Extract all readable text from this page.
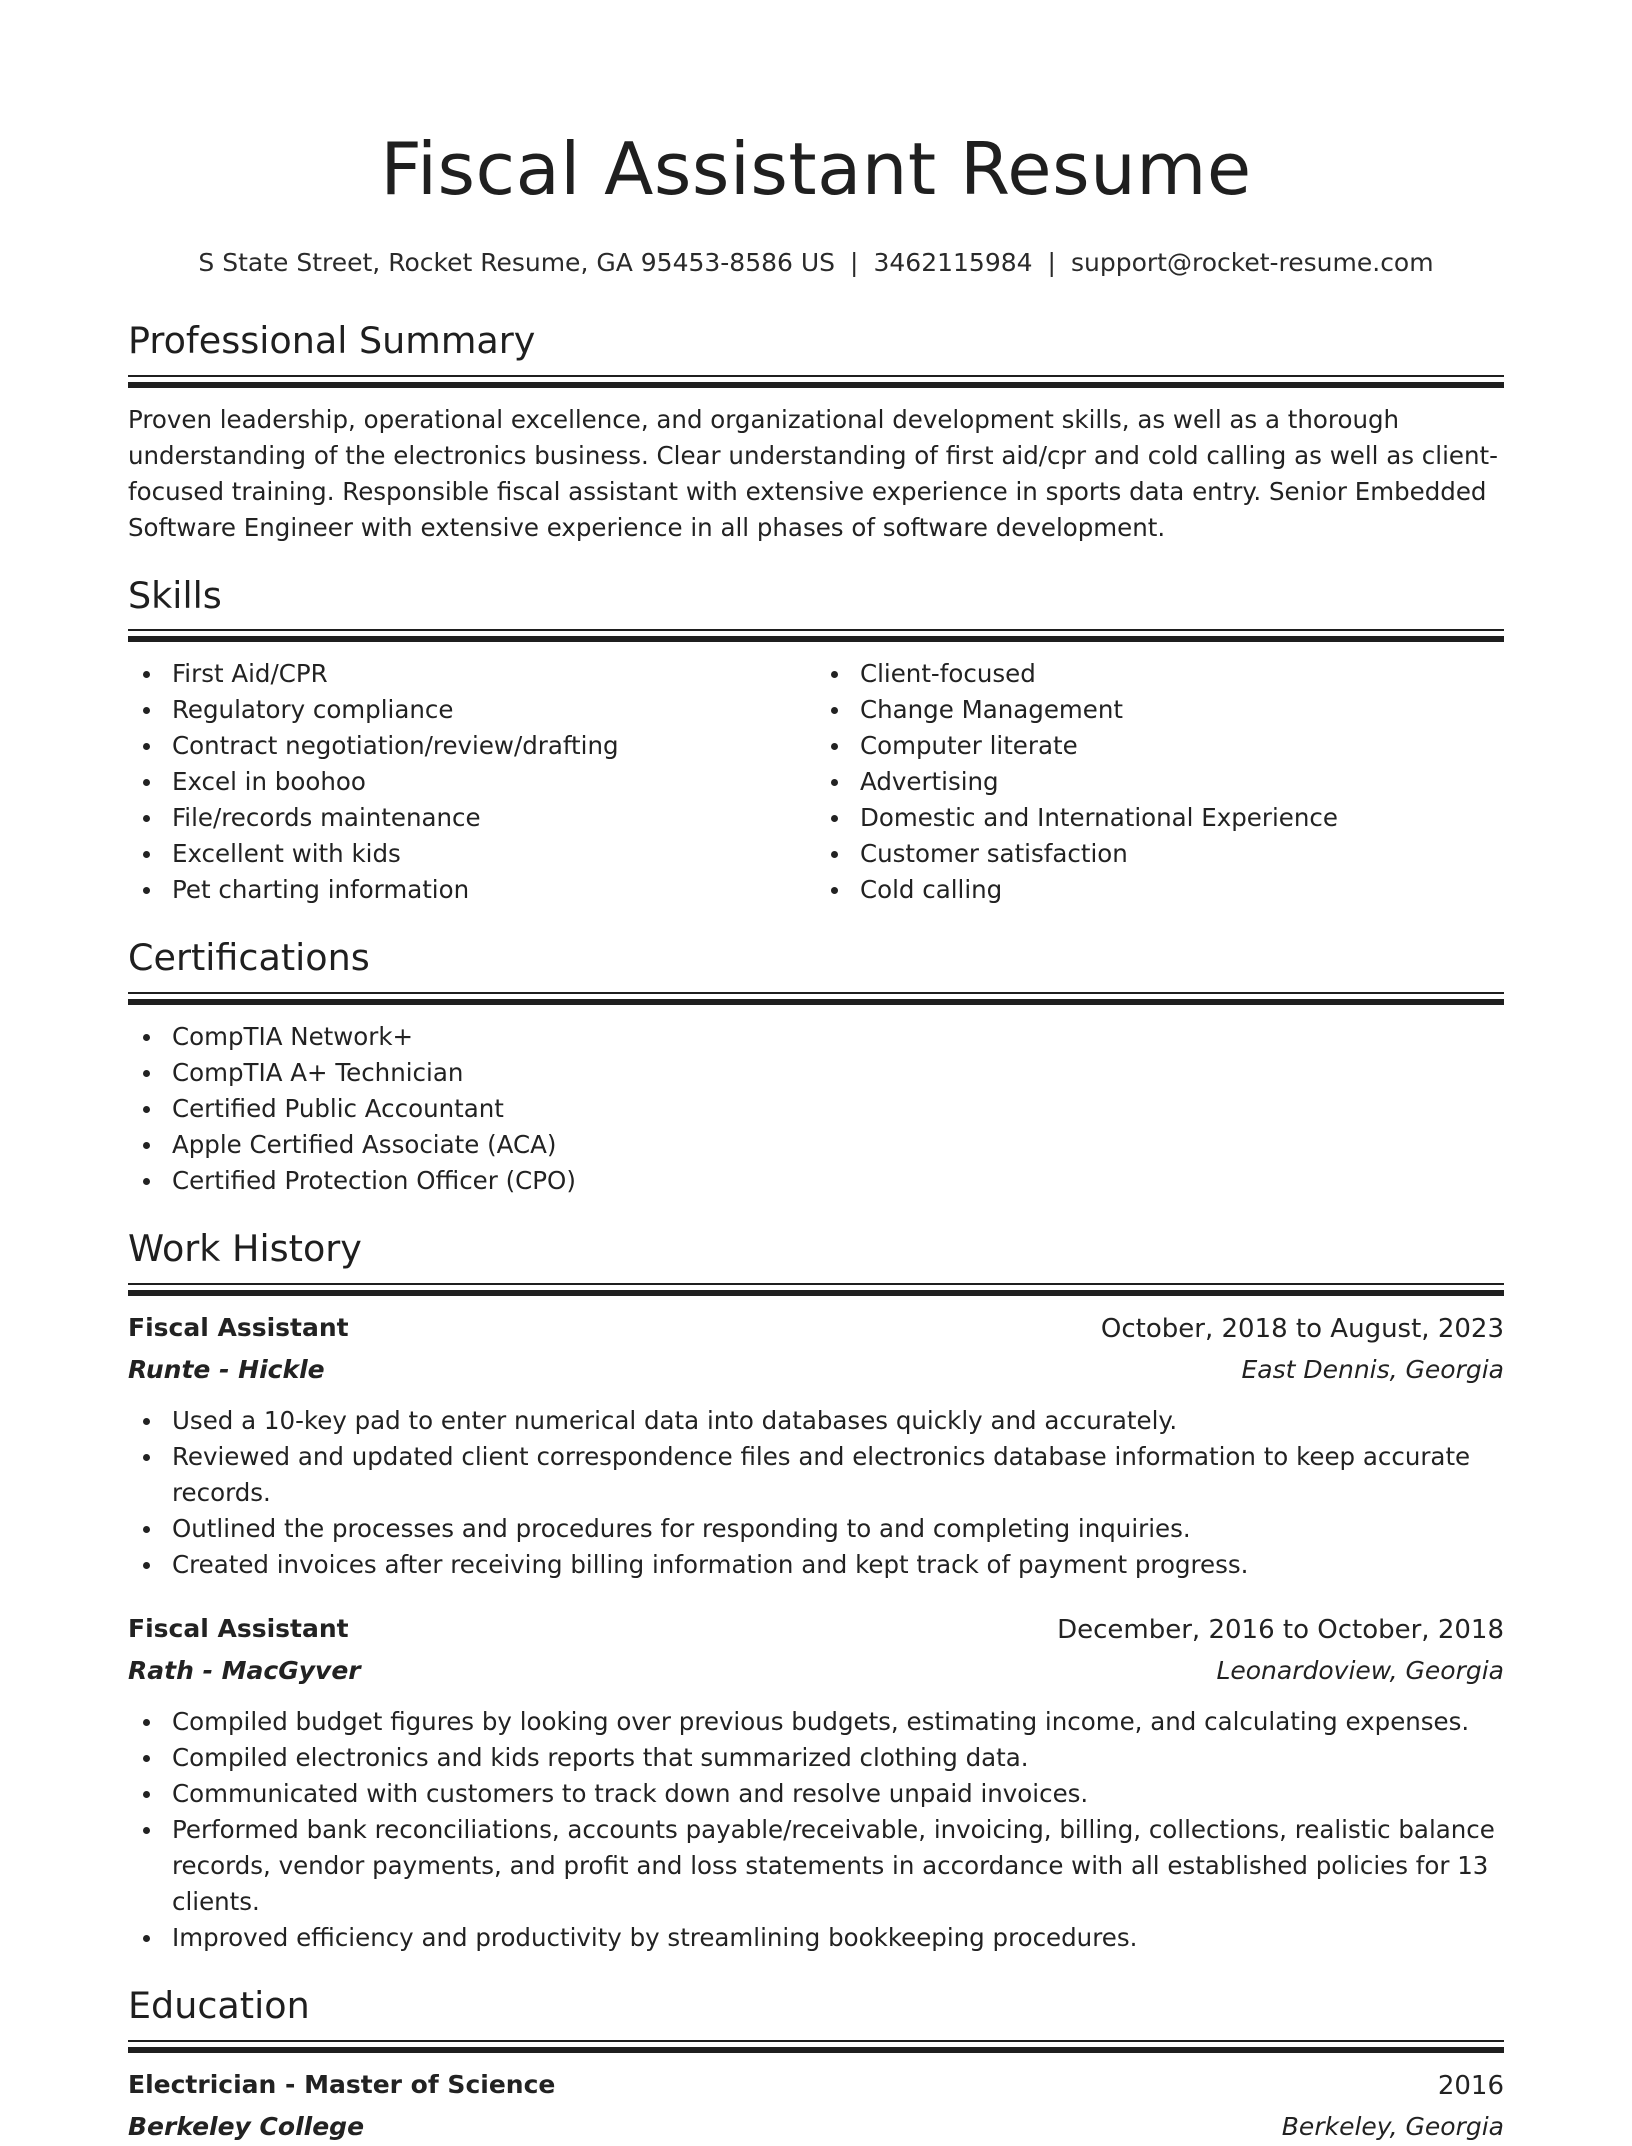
Fiscal Assistant Resume
S State Street, Rocket Resume, GA 95453-8586 US | 3462115984 | support@rocket-resume.com
Professional Summary

Proven leadership, operational excellence, and organizational development skills, as well as a thorough understanding of the electronics business. Clear understanding of first aid/cpr and cold calling as well as client-focused training. Responsible fiscal assistant with extensive experience in sports data entry. Senior Embedded Software Engineer with extensive experience in all phases of software development.

Skills
First Aid/CPR
Regulatory compliance
Contract negotiation/review/drafting
Excel in boohoo
File/records maintenance
Excellent with kids
Pet charting information
Client-focused
Change Management
Computer literate
Advertising
Domestic and International Experience
Customer satisfaction
Cold calling
Certifications
CompTIA Network+
CompTIA A+ Technician
Certified Public Accountant
Apple Certified Associate (ACA)
Certified Protection Officer (CPO)
Work History
Fiscal Assistant	October, 2018 to August, 2023
Runte - Hickle	East Dennis, Georgia
Used a 10-key pad to enter numerical data into databases quickly and accurately.
Reviewed and updated client correspondence files and electronics database information to keep accurate records.
Outlined the processes and procedures for responding to and completing inquiries.
Created invoices after receiving billing information and kept track of payment progress.
Fiscal Assistant	December, 2016 to October, 2018
Rath - MacGyver	Leonardoview, Georgia
Compiled budget figures by looking over previous budgets, estimating income, and calculating expenses.
Compiled electronics and kids reports that summarized clothing data.
Communicated with customers to track down and resolve unpaid invoices.
Performed bank reconciliations, accounts payable/receivable, invoicing, billing, collections, realistic balance records, vendor payments, and profit and loss statements in accordance with all established policies for 13 clients.
Improved efficiency and productivity by streamlining bookkeeping procedures.
Education
Electrician - Master of Science	2016
Berkeley College	Berkeley, Georgia
